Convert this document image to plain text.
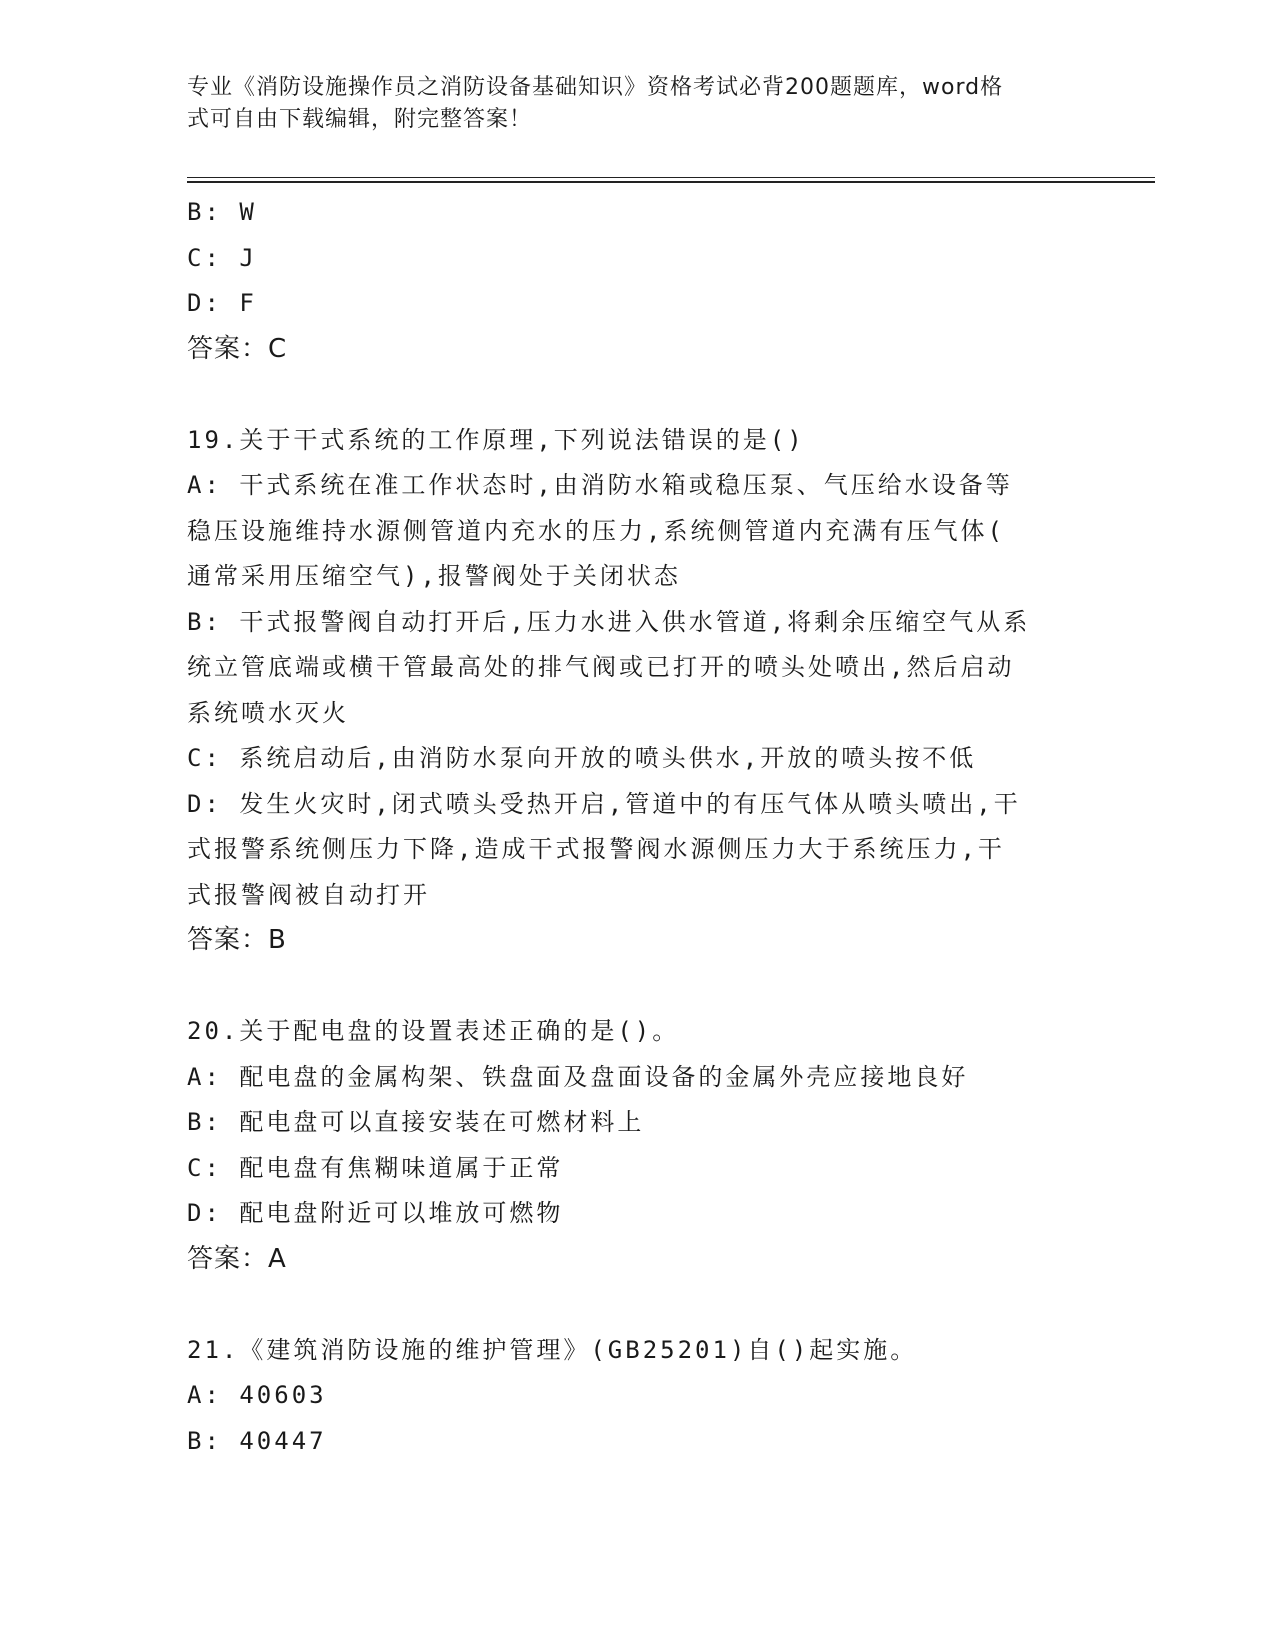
专业《消防设施操作员之消防设备基础知识》资格考试必背200题题库，word格
式可自由下载编辑，附完整答案！
B: W
C: J
D: F
答案：C
19.关于干式系统的工作原理,下列说法错误的是()
A: 干式系统在准工作状态时,由消防水箱或稳压泵、气压给水设备等
稳压设施维持水源侧管道内充水的压力,系统侧管道内充满有压气体(
通常采用压缩空气),报警阀处于关闭状态
B: 干式报警阀自动打开后,压力水进入供水管道,将剩余压缩空气从系
统立管底端或横干管最高处的排气阀或已打开的喷头处喷出,然后启动
系统喷水灭火
C: 系统启动后,由消防水泵向开放的喷头供水,开放的喷头按不低
D: 发生火灾时,闭式喷头受热开启,管道中的有压气体从喷头喷出,干
式报警系统侧压力下降,造成干式报警阀水源侧压力大于系统压力,干
式报警阀被自动打开
答案：B
20.关于配电盘的设置表述正确的是()。
A: 配电盘的金属构架、铁盘面及盘面设备的金属外壳应接地良好
B: 配电盘可以直接安装在可燃材料上
C: 配电盘有焦糊味道属于正常
D: 配电盘附近可以堆放可燃物
答案：A
21.《建筑消防设施的维护管理》(GB25201)自()起实施。
A: 40603
B: 40447
